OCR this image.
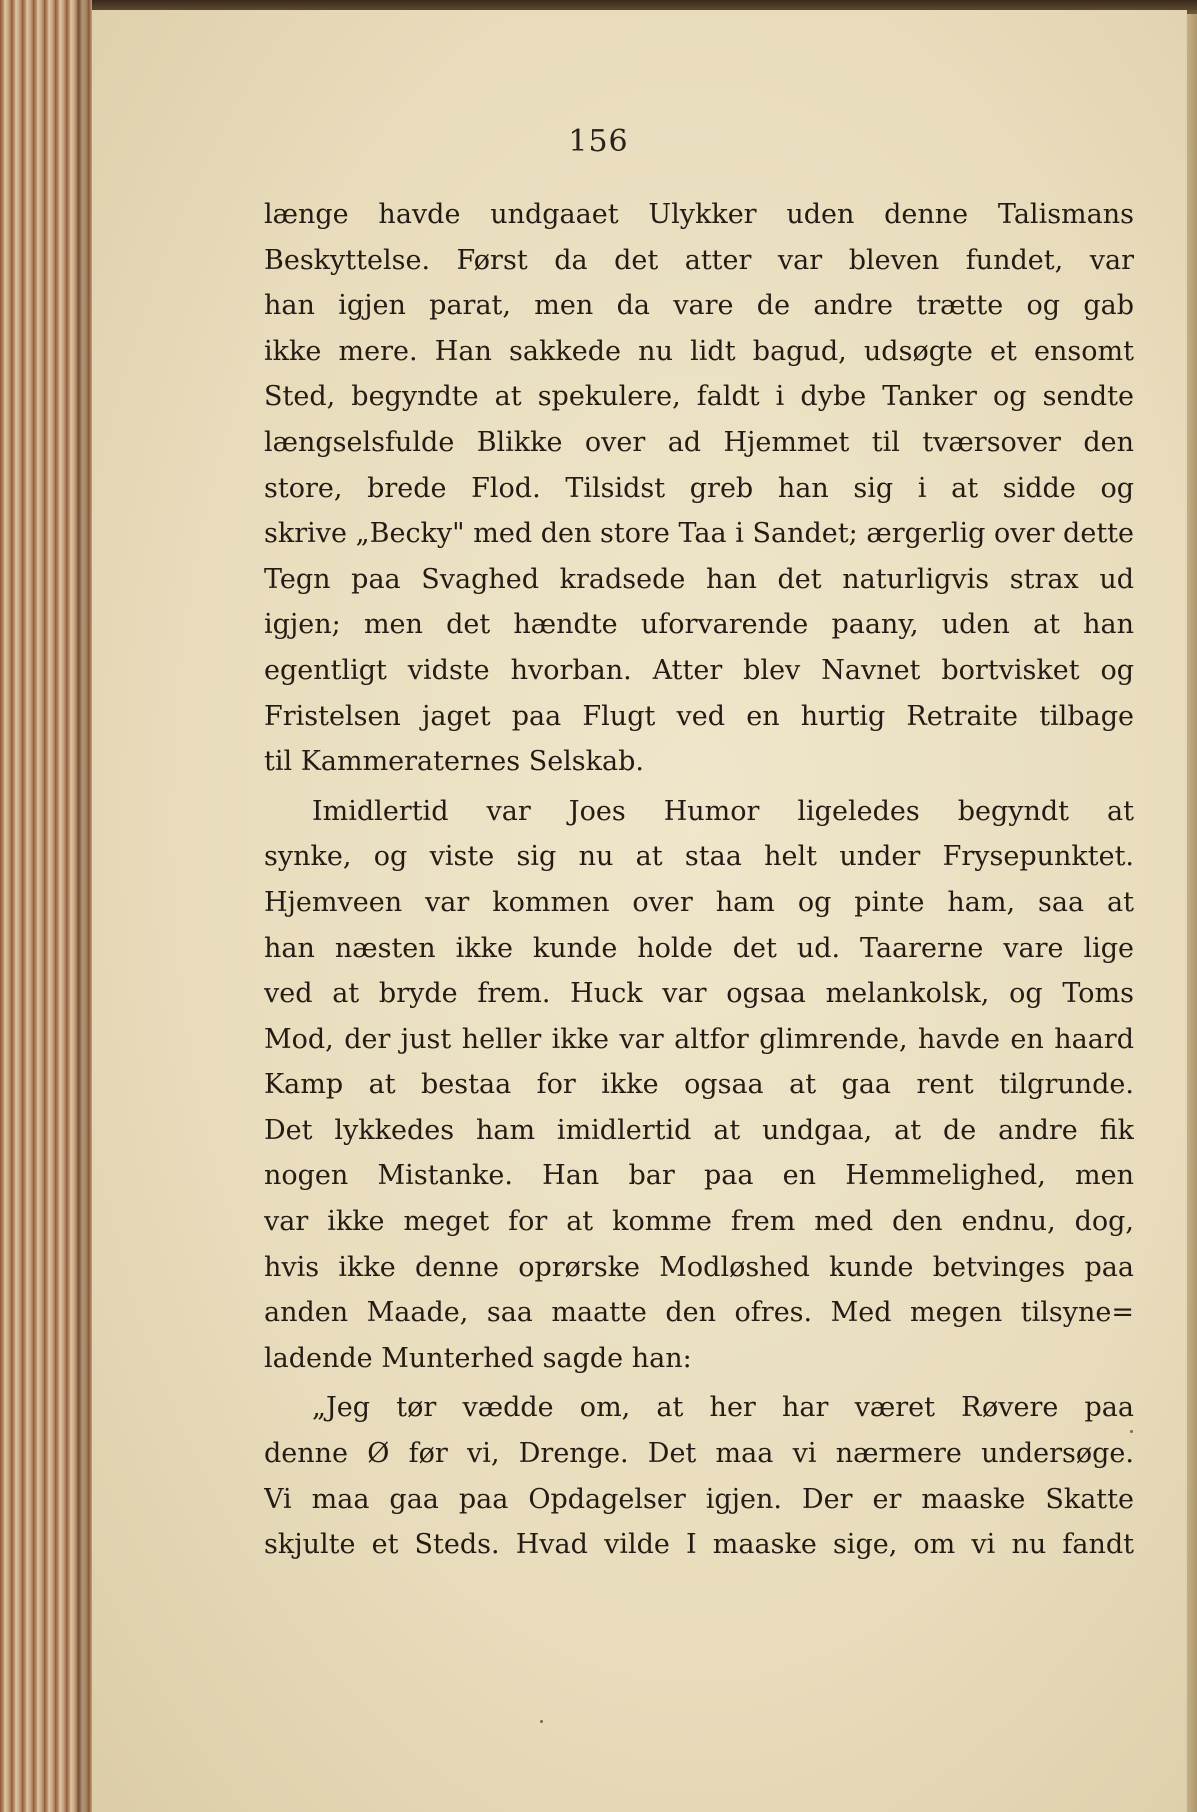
156
længe havde undgaaet Ulykker uden denne Talismans
Beskyttelse. Først da det atter var bleven fundet, var
han igjen parat, men da vare de andre trætte og gab
ikke mere. Han sakkede nu lidt bagud, udsøgte et ensomt
Sted, begyndte at spekulere, faldt i dybe Tanker og sendte
længselsfulde Blikke over ad Hjemmet til tværsover den
store, brede Flod. Tilsidst greb han sig i at sidde og
skrive „Becky" med den store Taa i Sandet; ærgerlig over dette
Tegn paa Svaghed kradsede han det naturligvis strax ud
igjen; men det hændte uforvarende paany, uden at han
egentligt vidste hvorban. Atter blev Navnet bortvisket og
Fristelsen jaget paa Flugt ved en hurtig Retraite tilbage
til Kammeraternes Selskab.
Imidlertid var Joes Humor ligeledes begyndt at
synke, og viste sig nu at staa helt under Frysepunktet.
Hjemveen var kommen over ham og pinte ham, saa at
han næsten ikke kunde holde det ud. Taarerne vare lige
ved at bryde frem. Huck var ogsaa melankolsk, og Toms
Mod, der just heller ikke var altfor glimrende, havde en haard
Kamp at bestaa for ikke ogsaa at gaa rent tilgrunde.
Det lykkedes ham imidlertid at undgaa, at de andre fik
nogen Mistanke. Han bar paa en Hemmelighed, men
var ikke meget for at komme frem med den endnu, dog,
hvis ikke denne oprørske Modløshed kunde betvinges paa
anden Maade, saa maatte den ofres. Med megen tilsyne=
ladende Munterhed sagde han:
„Jeg tør vædde om, at her har været Røvere paa
denne Ø før vi, Drenge. Det maa vi nærmere undersøge.
Vi maa gaa paa Opdagelser igjen. Der er maaske Skatte
skjulte et Steds. Hvad vilde I maaske sige, om vi nu fandt
